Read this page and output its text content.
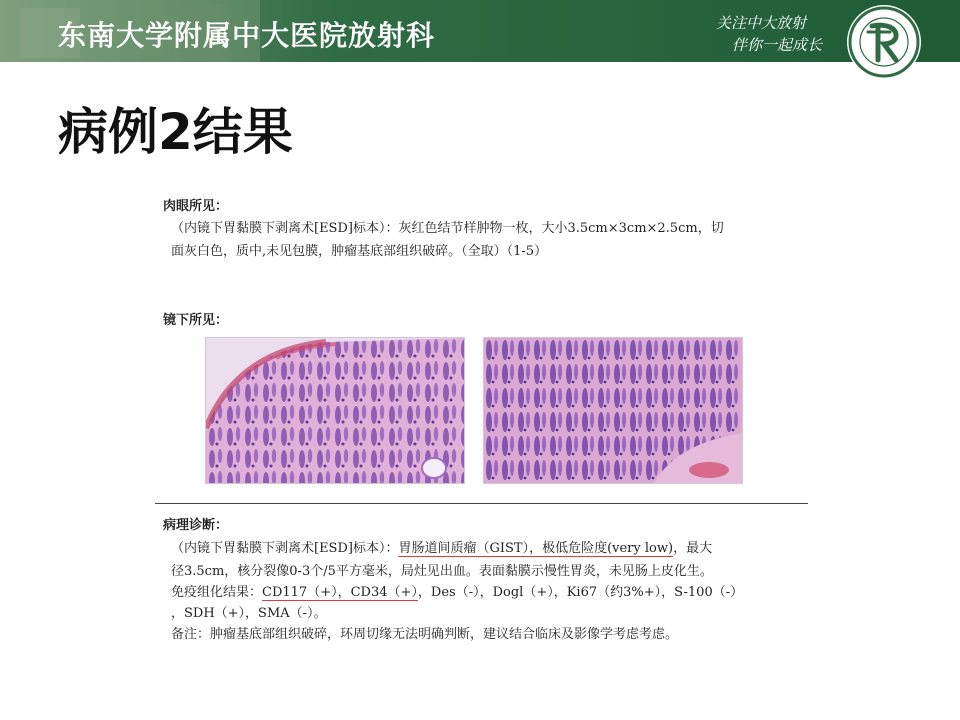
东南大学附属中大医院放射科	关注中大放射
伴你一起成长
病例2结果
肉眼所见：
（内镜下胃黏膜下剥离术[ESD]标本）：灰红色结节样肿物一枚，大小3.5cm×3cm×2.5cm，切
面灰白色，质中,未见包膜，肿瘤基底部组织破碎。（全取）（1-5）
镜下所见：
病理诊断：
（内镜下胃黏膜下剥离术[ESD]标本）：胃肠道间质瘤（GIST），极低危险度(very low)，最大
径3.5cm，核分裂像0-3个/5平方毫米，局灶见出血。表面黏膜示慢性胃炎，未见肠上皮化生。
免疫组化结果：CD117（+），CD34（+），Des（-），Dogl（+），Ki67（约3%+），S-100（-）
，SDH（+），SMA（-）。
备注：肿瘤基底部组织破碎，环周切缘无法明确判断，建议结合临床及影像学考虑考虑。
